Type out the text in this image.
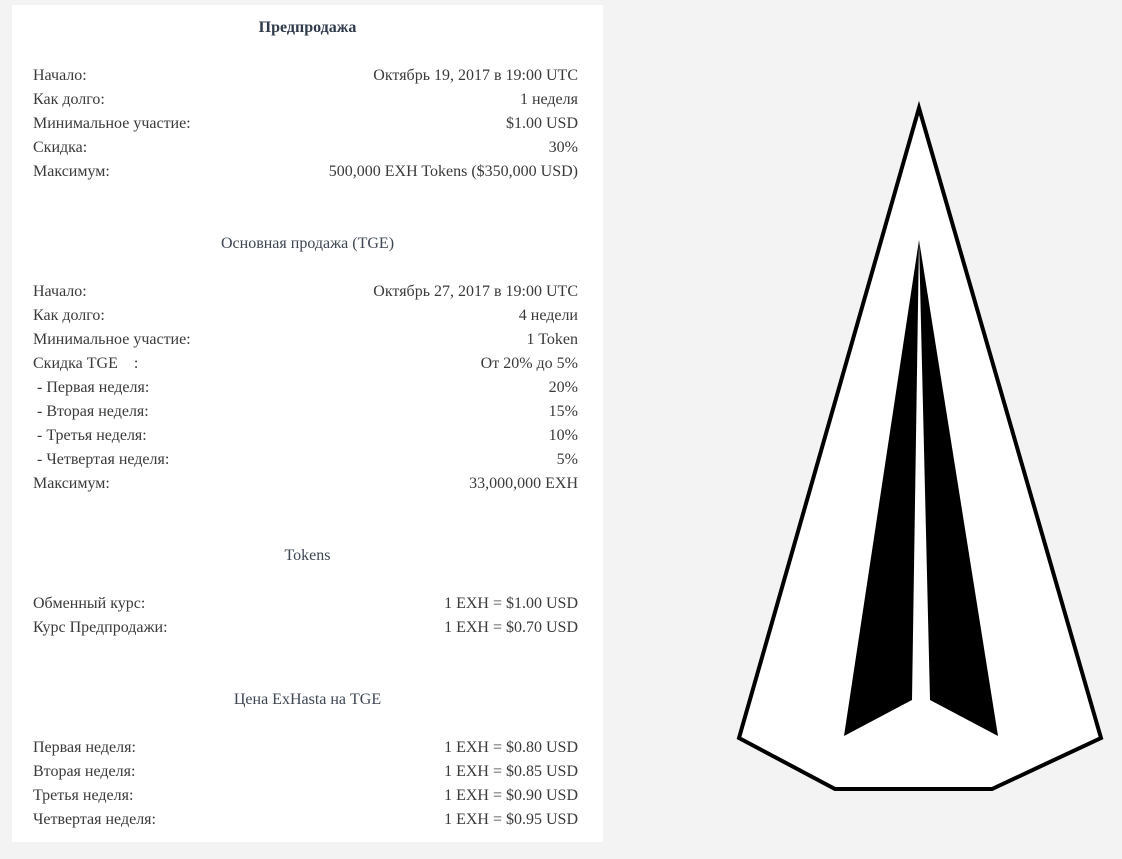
Предпродажа
Начало:	Октябрь 19, 2017 в 19:00 UTC
Как долго:	1 неделя
Минимальное участие:	$1.00 USD
Скидка:	30%
Максимум:	500,000 EXH Tokens ($350,000 USD)
Основная продажа (TGE)
Начало:	Октябрь 27, 2017 в 19:00 UTC
Как долго:	4 недели
Минимальное участие:	1 Token
Скидка TGE    :	От 20% до 5%
- Первая неделя:	20%
- Вторая неделя:	15%
- Третья неделя:	10%
- Четвертая неделя:	5%
Максимум:	33,000,000 EXH
Tokens
Обменный курс:	1 EXH = $1.00 USD
Курс Предпродажи:	1 EXH = $0.70 USD
Цена ExHasta на TGE
Первая неделя:	1 EXH = $0.80 USD
Вторая неделя:	1 EXH = $0.85 USD
Третья неделя:	1 EXH = $0.90 USD
Четвертая неделя:	1 EXH = $0.95 USD
